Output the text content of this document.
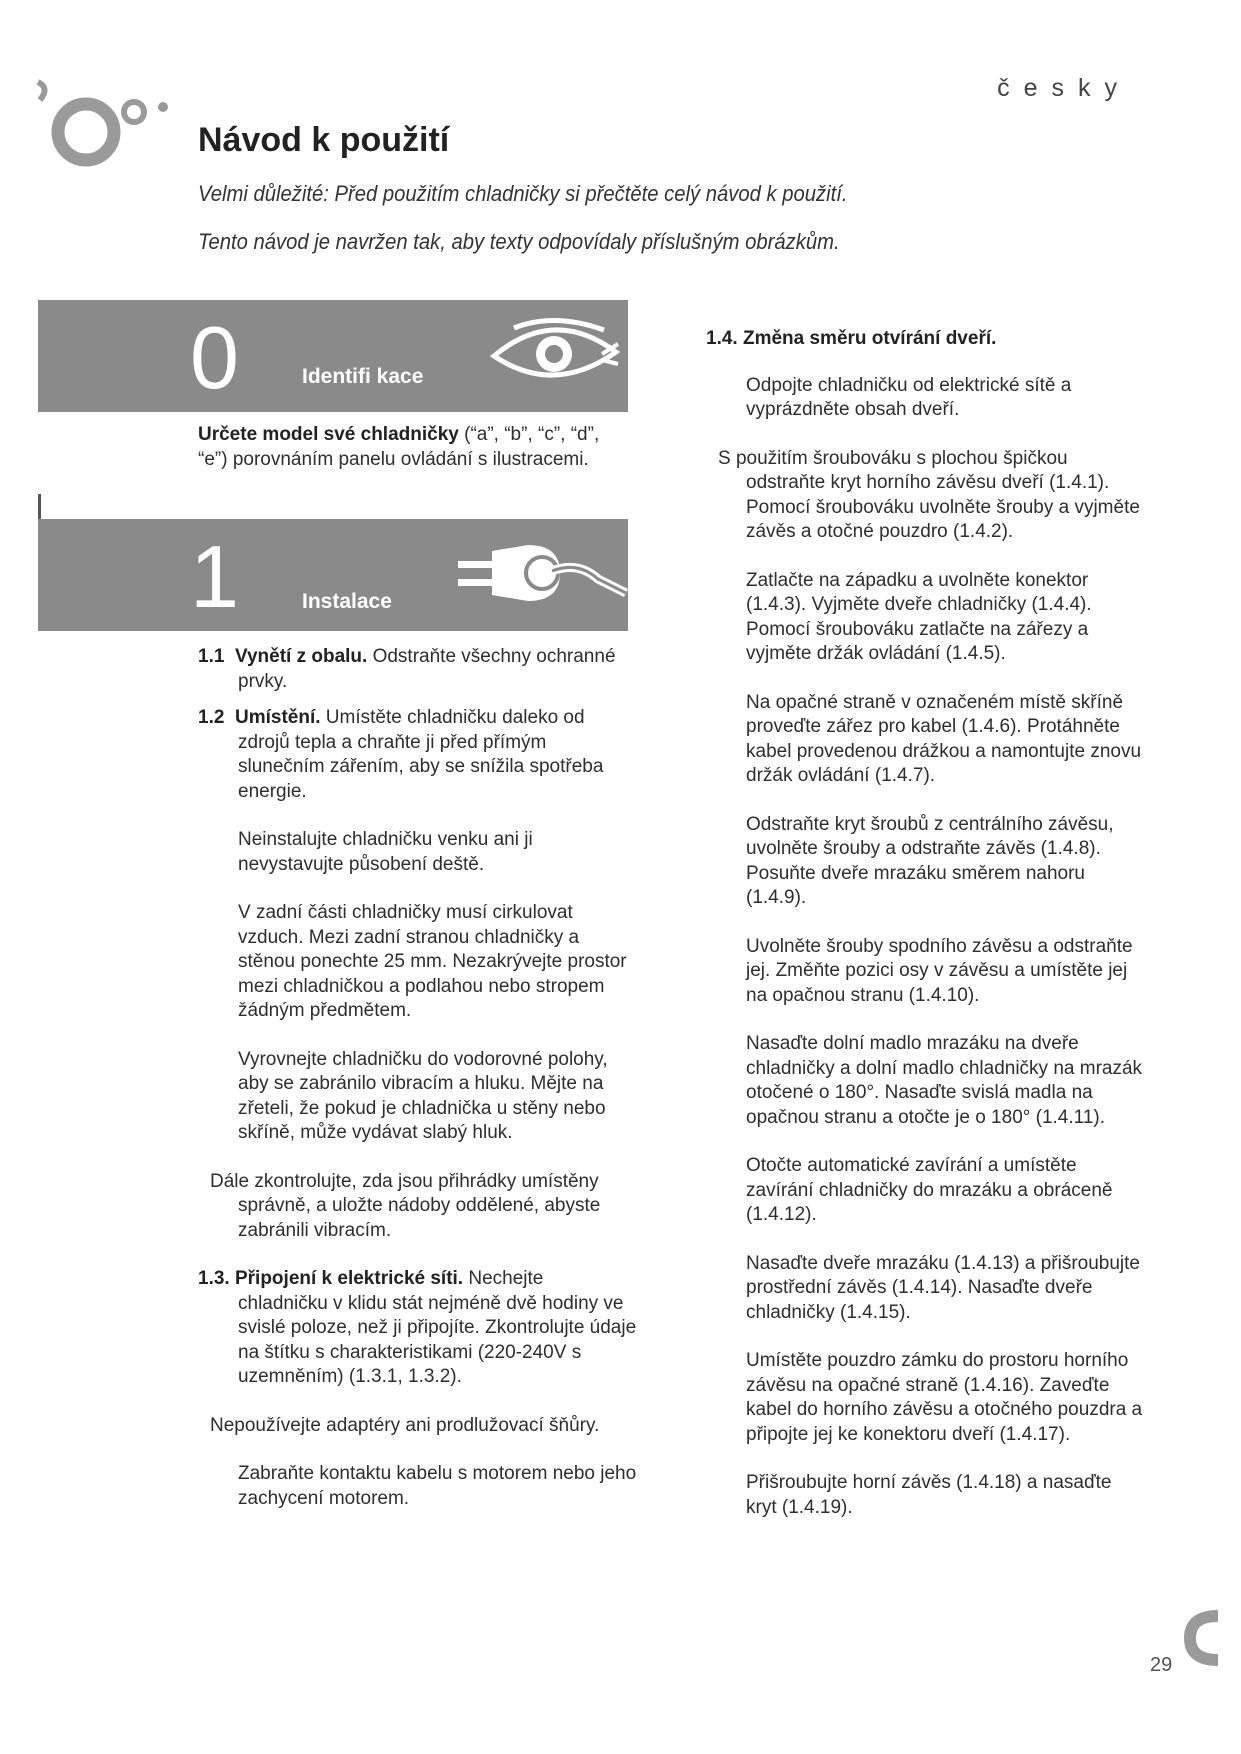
česky
Návod k použití
Velmi důležité: Před použitím chladničky si přečtěte celý návod k použití.
Tento návod je navržen tak, aby texty odpovídaly příslušným obrázkům.
0	Identifi kace

Určete model své chladničky (“a”, “b”, “c”, “d”, “e”) porovnáním panelu ovládání s ilustracemi.

1	Instalace

1.1 Vynětí z obalu. Odstraňte všechny ochranné prvky.

1.2 Umístění. Umístěte chladničku daleko od zdrojů tepla a chraňte ji před přímým slunečním zářením, aby se snížila spotřeba energie.

Neinstalujte chladničku venku ani ji nevystavujte působení deště.

V zadní části chladničky musí cirkulovat vzduch. Mezi zadní stranou chladničky a stěnou ponechte 25 mm. Nezakrývejte prostor mezi chladničkou a podlahou nebo stropem žádným předmětem.

Vyrovnejte chladničku do vodorovné polohy, aby se zabránilo vibracím a hluku. Mějte na zřeteli, že pokud je chladnička u stěny nebo skříně, může vydávat slabý hluk.

Dále zkontrolujte, zda jsou přihrádky umístěny správně, a uložte nádoby oddělené, abyste zabránili vibracím.

1.3. Připojení k elektrické síti. Nechejte chladničku v klidu stát nejméně dvě hodiny ve svislé poloze, než ji připojíte. Zkontrolujte údaje na štítku s charakteristikami (220-240V s uzemněním) (1.3.1, 1.3.2).

Nepoužívejte adaptéry ani prodlužovací šňůry.

Zabraňte kontaktu kabelu s motorem nebo jeho zachycení motorem.

1.4. Změna směru otvírání dveří.

Odpojte chladničku od elektrické sítě a vyprázdněte obsah dveří.

S použitím šroubováku s plochou špičkou odstraňte kryt horního závěsu dveří (1.4.1). Pomocí šroubováku uvolněte šrouby a vyjměte závěs a otočné pouzdro (1.4.2).

Zatlačte na západku a uvolněte konektor (1.4.3). Vyjměte dveře chladničky (1.4.4). Pomocí šroubováku zatlačte na zářezy a vyjměte držák ovládání (1.4.5).

Na opačné straně v označeném místě skříně proveďte zářez pro kabel (1.4.6). Protáhněte kabel provedenou drážkou a namontujte znovu držák ovládání (1.4.7).

Odstraňte kryt šroubů z centrálního závěsu, uvolněte šrouby a odstraňte závěs (1.4.8). Posuňte dveře mrazáku směrem nahoru (1.4.9).

Uvolněte šrouby spodního závěsu a odstraňte jej. Změňte pozici osy v závěsu a umístěte jej na opačnou stranu (1.4.10).

Nasaďte dolní madlo mrazáku na dveře chladničky a dolní madlo chladničky na mrazák otočené o 180°. Nasaďte svislá madla na opačnou stranu a otočte je o 180° (1.4.11).

Otočte automatické zavírání a umístěte zavírání chladničky do mrazáku a obráceně (1.4.12).

Nasaďte dveře mrazáku (1.4.13) a přišroubujte prostřední závěs (1.4.14). Nasaďte dveře chladničky (1.4.15).

Umístěte pouzdro zámku do prostoru horního závěsu na opačné straně (1.4.16). Zaveďte kabel do horního závěsu a otočného pouzdra a připojte jej ke konektoru dveří (1.4.17).

Přišroubujte horní závěs (1.4.18) a nasaďte kryt (1.4.19).

29
